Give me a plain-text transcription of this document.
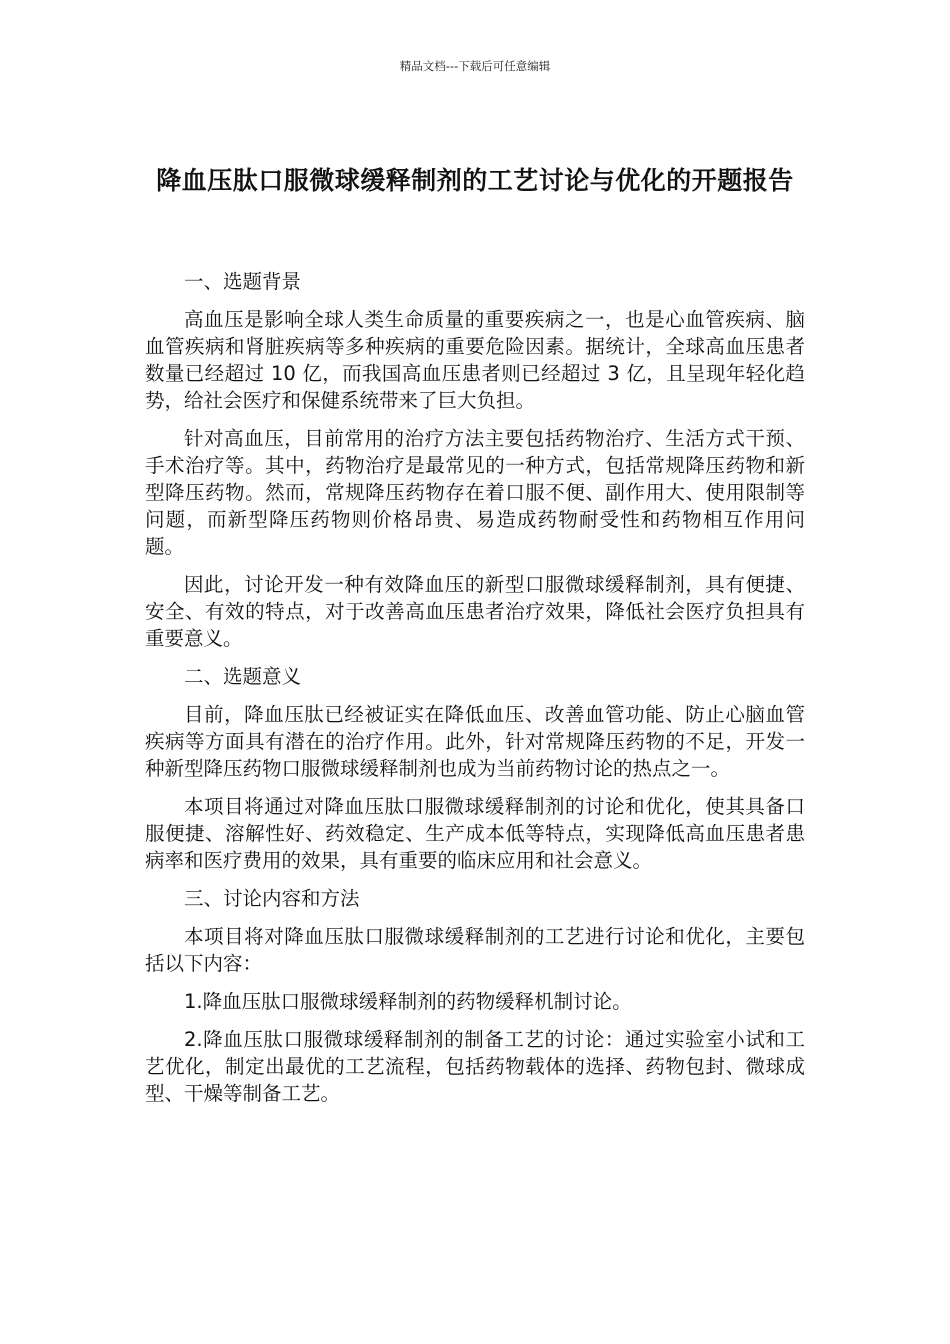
精品文档---下载后可任意编辑
降血压肽口服微球缓释制剂的工艺讨论与优化的开题报告

一、选题背景

高血压是影响全球人类生命质量的重要疾病之一，也是心血管疾病、脑血管疾病和肾脏疾病等多种疾病的重要危险因素。据统计，全球高血压患者数量已经超过 10 亿，而我国高血压患者则已经超过 3 亿，且呈现年轻化趋势，给社会医疗和保健系统带来了巨大负担。

针对高血压，目前常用的治疗方法主要包括药物治疗、生活方式干预、手术治疗等。其中，药物治疗是最常见的一种方式，包括常规降压药物和新型降压药物。然而，常规降压药物存在着口服不便、副作用大、使用限制等问题，而新型降压药物则价格昂贵、易造成药物耐受性和药物相互作用问题。

因此，讨论开发一种有效降血压的新型口服微球缓释制剂，具有便捷、安全、有效的特点，对于改善高血压患者治疗效果，降低社会医疗负担具有重要意义。

二、选题意义

目前，降血压肽已经被证实在降低血压、改善血管功能、防止心脑血管疾病等方面具有潜在的治疗作用。此外，针对常规降压药物的不足，开发一种新型降压药物口服微球缓释制剂也成为当前药物讨论的热点之一。

本项目将通过对降血压肽口服微球缓释制剂的讨论和优化，使其具备口服便捷、溶解性好、药效稳定、生产成本低等特点，实现降低高血压患者患病率和医疗费用的效果，具有重要的临床应用和社会意义。

三、讨论内容和方法

本项目将对降血压肽口服微球缓释制剂的工艺进行讨论和优化，主要包括以下内容：

1.降血压肽口服微球缓释制剂的药物缓释机制讨论。

2.降血压肽口服微球缓释制剂的制备工艺的讨论：通过实验室小试和工艺优化，制定出最优的工艺流程，包括药物载体的选择、药物包封、微球成型、干燥等制备工艺。
